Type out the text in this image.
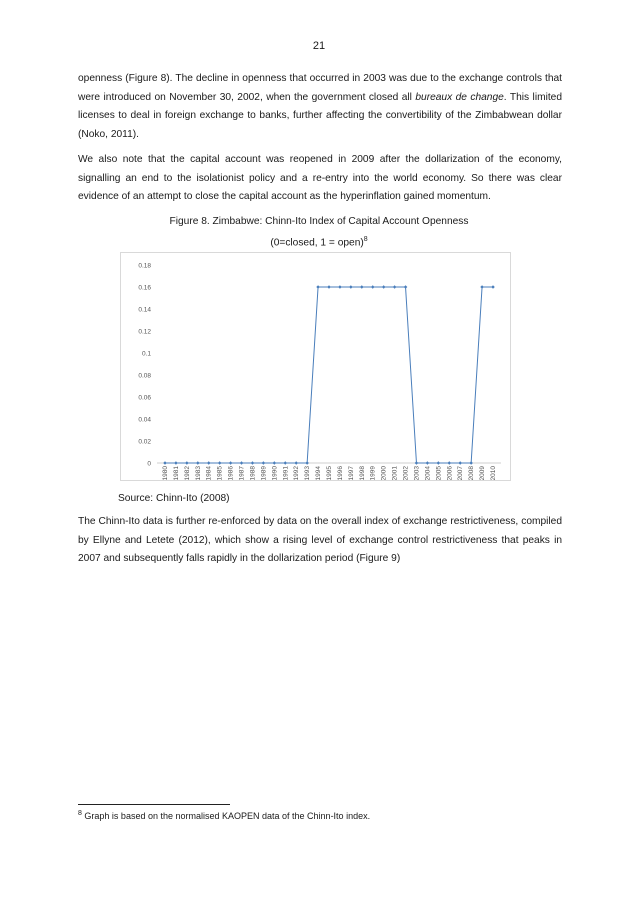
21

openness (Figure 8). The decline in openness that occurred in 2003 was due to the exchange controls that were introduced on November 30, 2002, when the government closed all bureaux de change. This limited licenses to deal in foreign exchange to banks, further affecting the convertibility of the Zimbabwean dollar (Noko, 2011).

We also note that the capital account was reopened in 2009 after the dollarization of the economy, signalling an end to the isolationist policy and a re-entry into the world economy. So there was clear evidence of an attempt to close the capital account as the hyperinflation gained momentum.

Figure 8. Zimbabwe: Chinn-Ito Index of Capital Account Openness
(0=closed, 1 = open)$^8$
0
0.02
0.04
0.06
0.08
0.1
0.12
0.14
0.16
0.18
1980 1981 1982 1983 1984 1985 1986 1987 1988 1989 1990 1991 1992 1993 1994 1995 1996 1997 1998 1999 2000 2001 2002 2003 2004 2005 2006 2007 2008 2009 2010
Source: Chinn-Ito (2008)

The Chinn-Ito data is further re-enforced by data on the overall index of exchange restrictiveness, compiled by Ellyne and Letete (2012), which show a rising level of exchange control restrictiveness that peaks in 2007 and subsequently falls rapidly in the dollarization period (Figure 9)

$^8$ Graph is based on the normalised KAOPEN data of the Chinn-Ito index.
